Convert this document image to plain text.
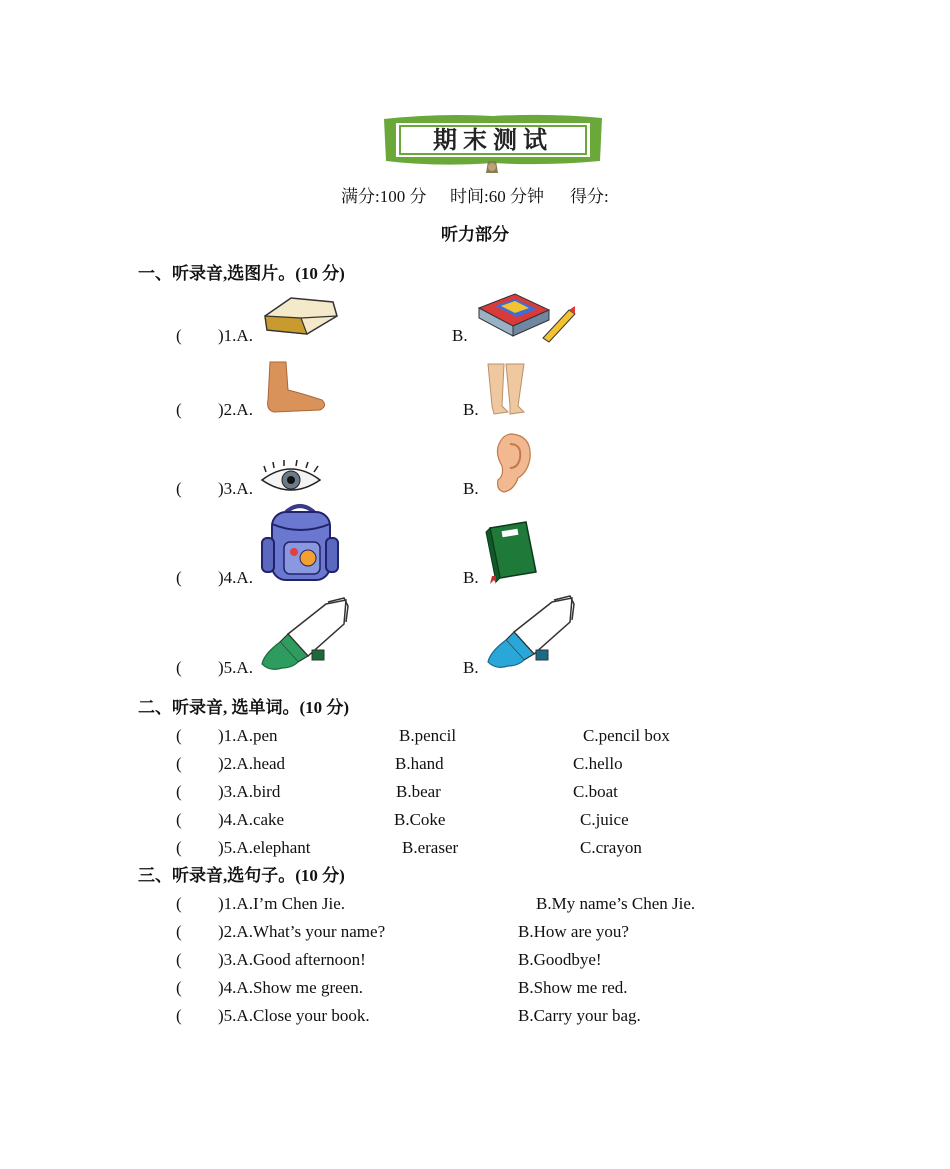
期末测试
满分:100 分 时间:60 分钟 得分:
听力部分
一、听录音,选图片。(10 分)
( )1.A.	B.
( )2.A.	B.
( )3.A.	B.
( )4.A.	B.
( )5.A.	B.
二、听录音, 选单词。(10 分)
( )1.A.pen	B.pencil	C.pencil box
( )2.A.head	B.hand	C.hello
( )3.A.bird	B.bear	C.boat
( )4.A.cake	B.Coke	C.juice
( )5.A.elephant	B.eraser	C.crayon
三、听录音,选句子。(10 分)
( )1.A.I’m Chen Jie.	B.My name’s Chen Jie.
( )2.A.What’s your name?	B.How are you?
( )3.A.Good afternoon!	B.Goodbye!
( )4.A.Show me green.	B.Show me red.
( )5.A.Close your book.	B.Carry your bag.
